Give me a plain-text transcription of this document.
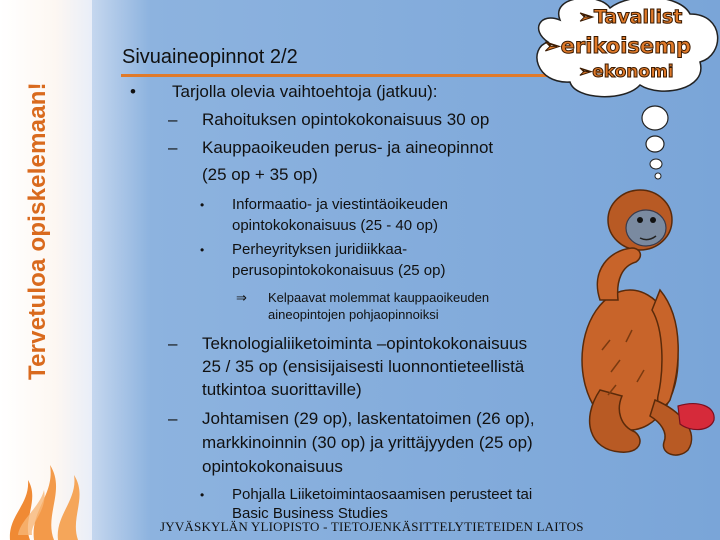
Tervetuloa opiskelemaan!
Sivuaineopinnot 2/2
• Tarjolla olevia vaihtoehtoja (jatkuu):
– Rahoituksen opintokokonaisuus 30 op
– Kauppaoikeuden perus- ja aineopinnot
(25 op + 35 op)
• Informaatio- ja viestintäoikeuden
opintokokonaisuus (25 - 40 op)
• Perheyrityksen juridiikkaa-
perusopintokokonaisuus (25 op)
⇒ Kelpaavat molemmat kauppaoikeuden
aineopintojen pohjaopinnoiksi
– Teknologialiiketoiminta –opintokokonaisuus
25 / 35 op (ensisijaisesti luonnontieteellistä
tutkintoa suorittaville)
– Johtamisen (29 op), laskentatoimen (26 op),
markkinoinnin (30 op) ja yrittäjyyden (25 op)
opintokokonaisuus
• Pohjalla Liiketoimintaosaamisen perusteet tai
Basic Business Studies
JYVÄSKYLÄN YLIOPISTO - TIETOJENKÄSITTELYTIETEIDEN LAITOS
➢Tavallist
➢erikoisemp
➢ekonomi
